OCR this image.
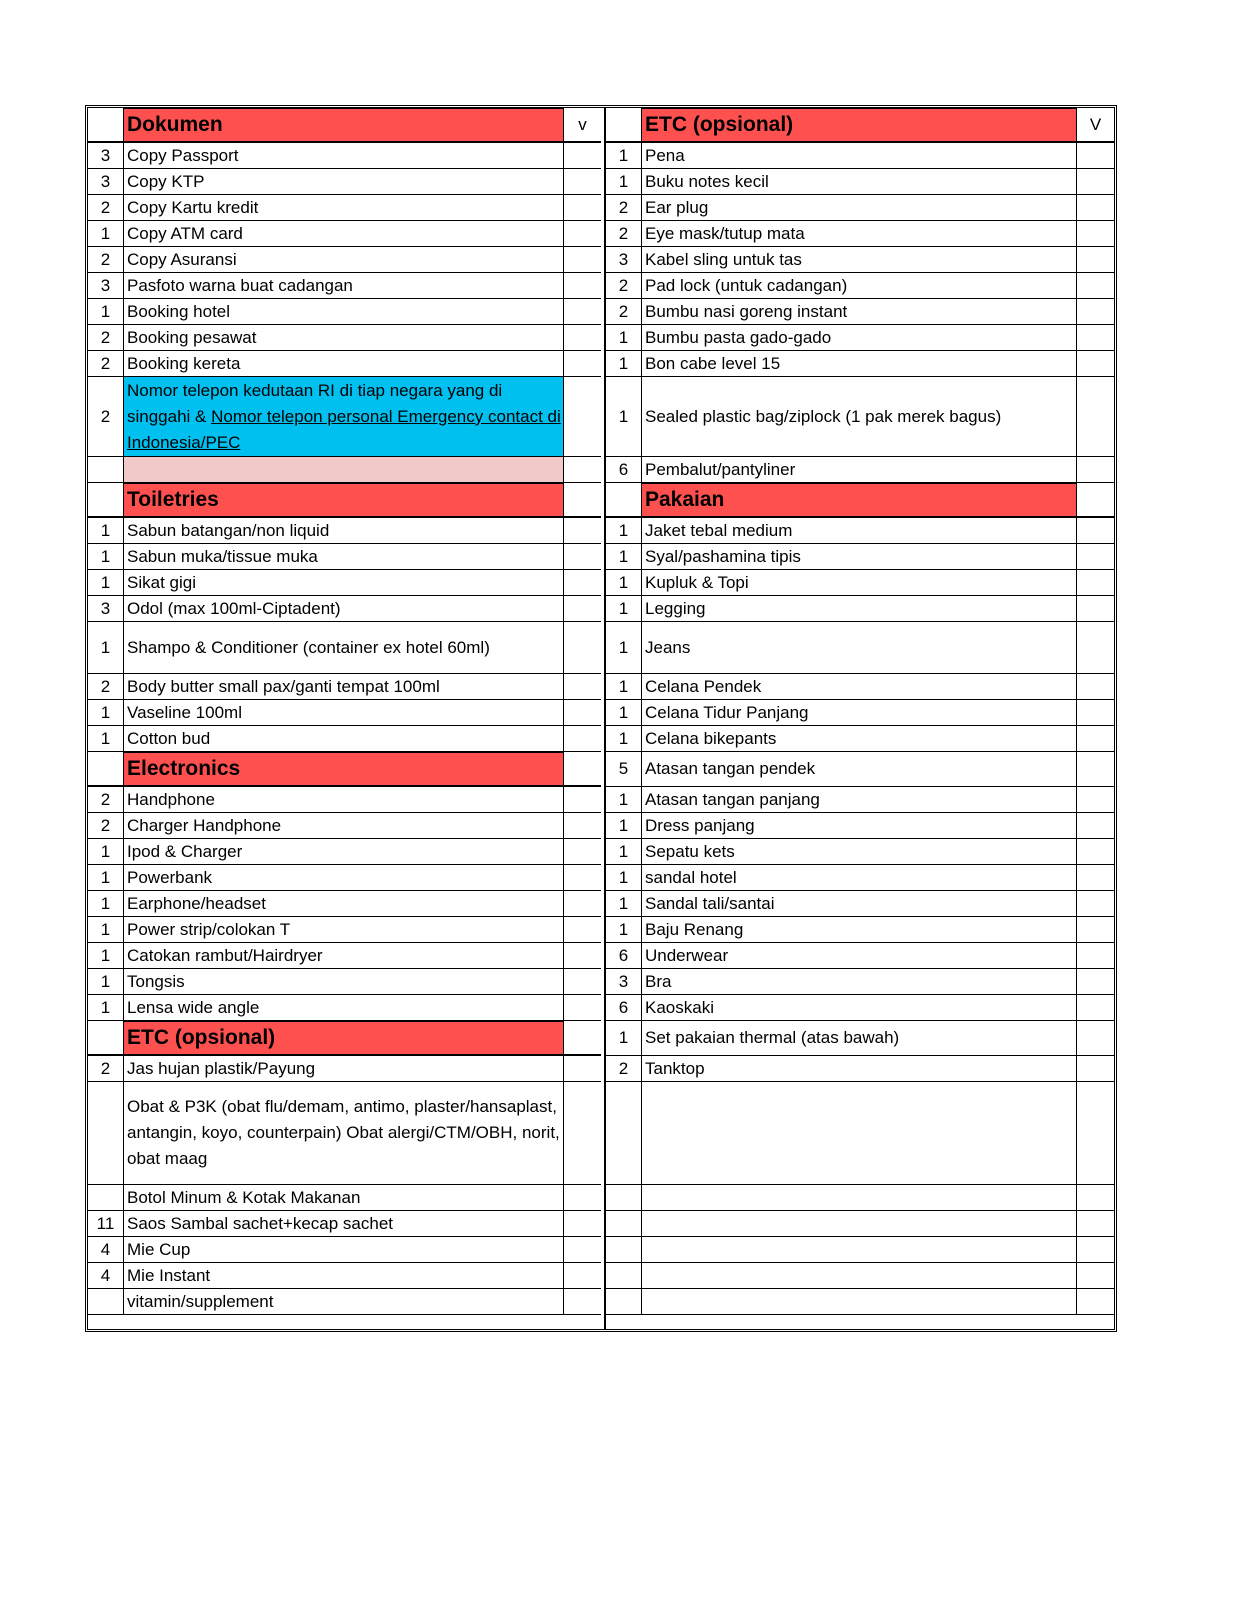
Dokumen	v
3 Copy Passport
3 Copy KTP
2 Copy Kartu kredit
1 Copy ATM card
2 Copy Asuransi
3 Pasfoto warna buat cadangan
1 Booking hotel
2 Booking pesawat
2 Booking kereta
2
Nomor telepon kedutaan RI di tiap negara yang di singgahi & Nomor telepon personal Emergency contact di Indonesia/PEC
Toiletries
1 Sabun batangan/non liquid
1 Sabun muka/tissue muka
1 Sikat gigi
3 Odol (max 100ml-Ciptadent)
1 Shampo & Conditioner (container ex hotel 60ml)
2 Body butter small pax/ganti tempat 100ml
1 Vaseline 100ml
1 Cotton bud
Electronics
2 Handphone
2 Charger Handphone
1 Ipod & Charger
1 Powerbank
1 Earphone/headset
1 Power strip/colokan T
1 Catokan rambut/Hairdryer
1 Tongsis
1 Lensa wide angle
ETC (opsional)
2 Jas hujan plastik/Payung
Obat & P3K (obat flu/demam, antimo, plaster/hansaplast, antangin, koyo, counterpain) Obat alergi/CTM/OBH, norit, obat maag
Botol Minum & Kotak Makanan
11 Saos Sambal sachet+kecap sachet
4 Mie Cup
4 Mie Instant
vitamin/supplement
ETC (opsional)	V
1 Pena
1 Buku notes kecil
2 Ear plug
2 Eye mask/tutup mata
3 Kabel sling untuk tas
2 Pad lock (untuk cadangan)
2 Bumbu nasi goreng instant
1 Bumbu pasta gado-gado
1 Bon cabe level 15
1 Sealed plastic bag/ziplock (1 pak merek bagus)
6 Pembalut/pantyliner
Pakaian
1 Jaket tebal medium
1 Syal/pashamina tipis
1 Kupluk & Topi
1 Legging
1 Jeans
1 Celana Pendek
1 Celana Tidur Panjang
1 Celana bikepants
5 Atasan tangan pendek
1 Atasan tangan panjang
1 Dress panjang
1 Sepatu kets
1 sandal hotel
1 Sandal tali/santai
1 Baju Renang
6 Underwear
3 Bra
6 Kaoskaki
1 Set pakaian thermal (atas bawah)
2 Tanktop
